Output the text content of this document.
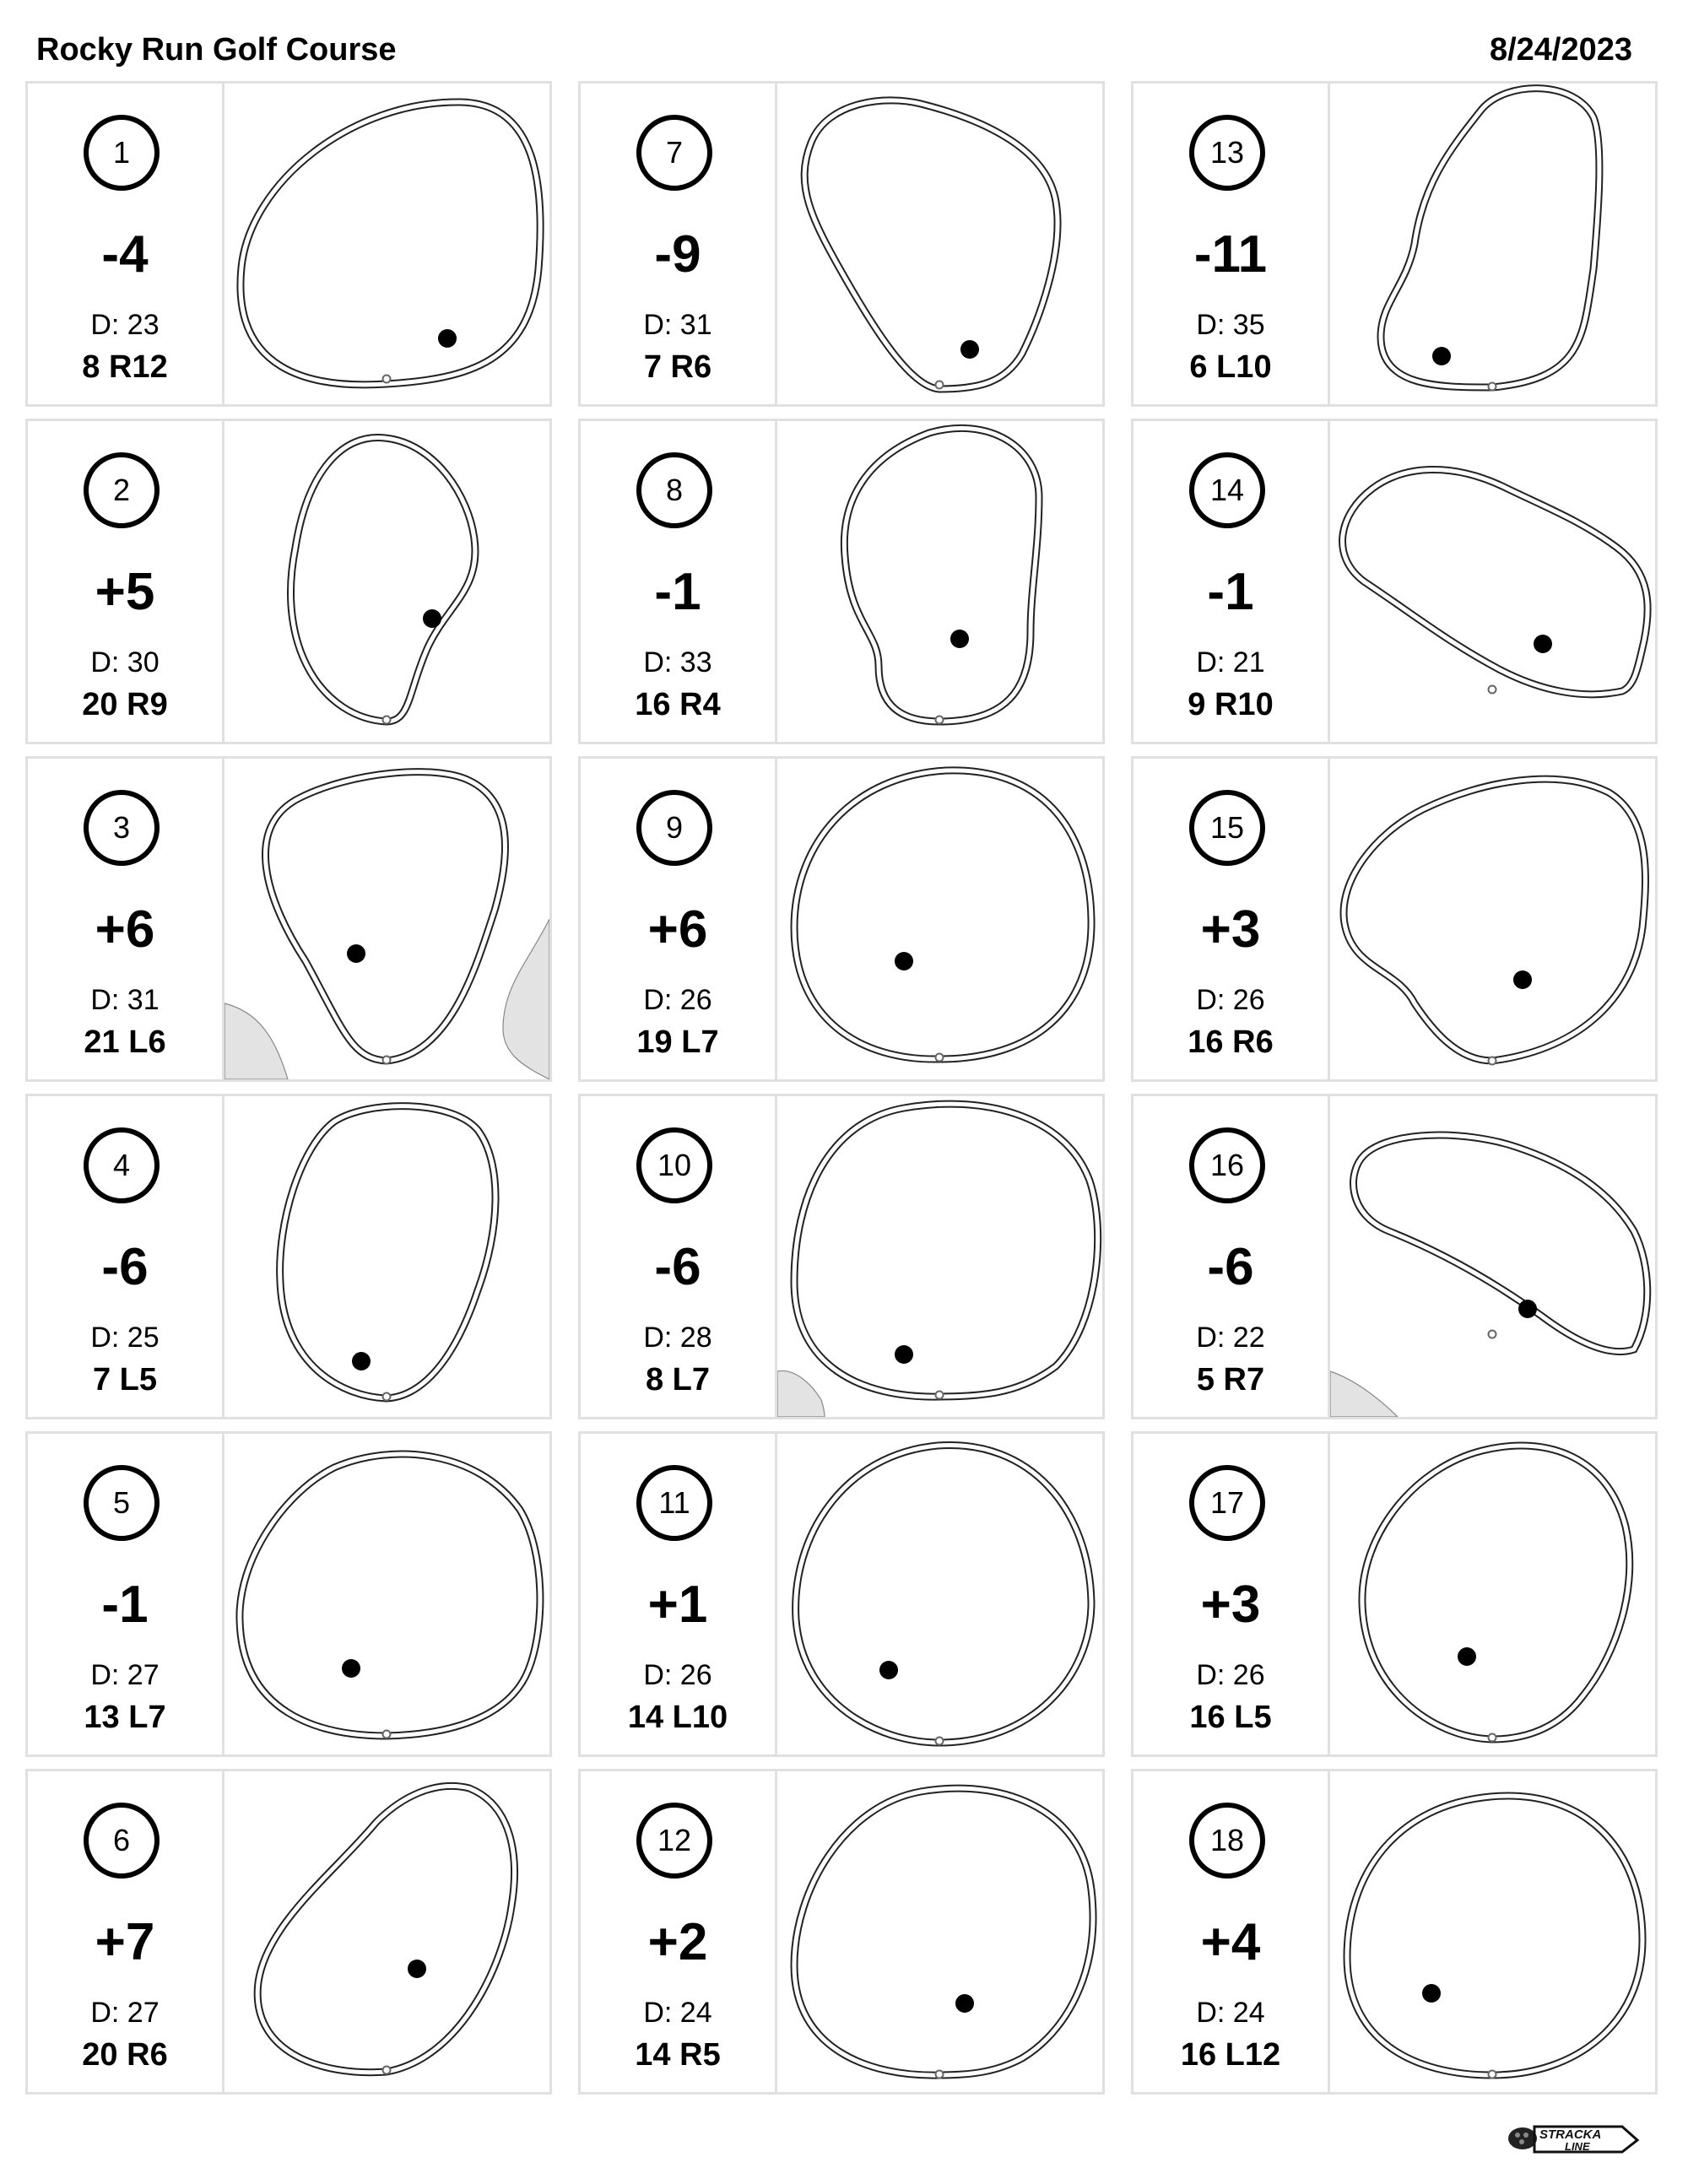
Rocky Run Golf Course	8/24/2023
1
-4
D: 23
8 R12
2
+5
D: 30
20 R9
3
+6
D: 31
21 L6
4
-6
D: 25
7 L5
5
-1
D: 27
13 L7
6
+7
D: 27
20 R6
7
-9
D: 31
7 R6
8
-1
D: 33
16 R4
9
+6
D: 26
19 L7
10
-6
D: 28
8 L7
11
+1
D: 26
14 L10
12
+2
D: 24
14 R5
13
-11
D: 35
6 L10
14
-1
D: 21
9 R10
15
+3
D: 26
16 R6
16
-6
D: 22
5 R7
17
+3
D: 26
16 L5
18
+4
D: 24
16 L12
STRACKA
LINE
